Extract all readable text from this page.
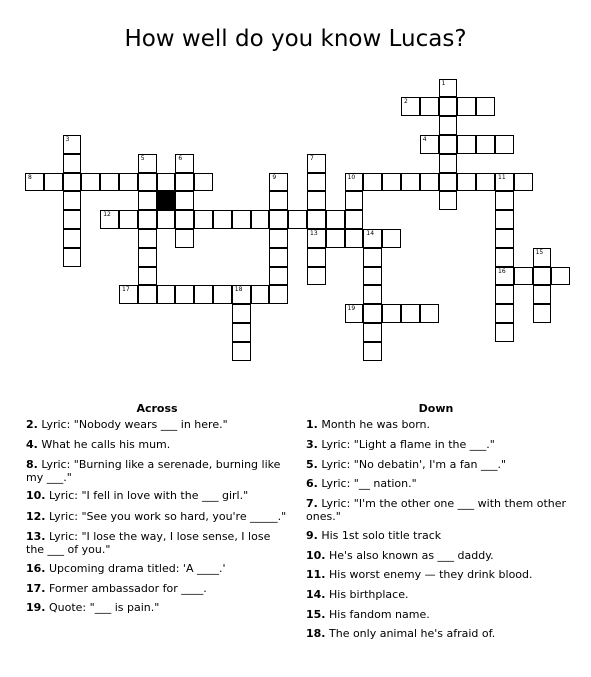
How well do you know Lucas?
1
2
3	4
5	6	7
8	9	10	11
12
13	14
15
16
17	18
19
Across	Down
2. Lyric: "Nobody wears ___ in here."
4. What he calls his mum.
8. Lyric: "Burning like a serenade, burning like my ___."
10. Lyric: "I fell in love with the ___ girl."
12. Lyric: "See you work so hard, you're _____."
13. Lyric: "I lose the way, I lose sense, I lose the ___ of you."
16. Upcoming drama titled: 'A ____.'
17. Former ambassador for ____.
19. Quote: "___ is pain."
1. Month he was born.
3. Lyric: "Light a flame in the ___."
5. Lyric: "No debatin', I'm a fan ___."
6. Lyric: "__ nation."
7. Lyric: "I'm the other one ___ with them other ones."
9. His 1st solo title track
10. He's also known as ___ daddy.
11. His worst enemy — they drink blood.
14. His birthplace.
15. His fandom name.
18. The only animal he's afraid of.
